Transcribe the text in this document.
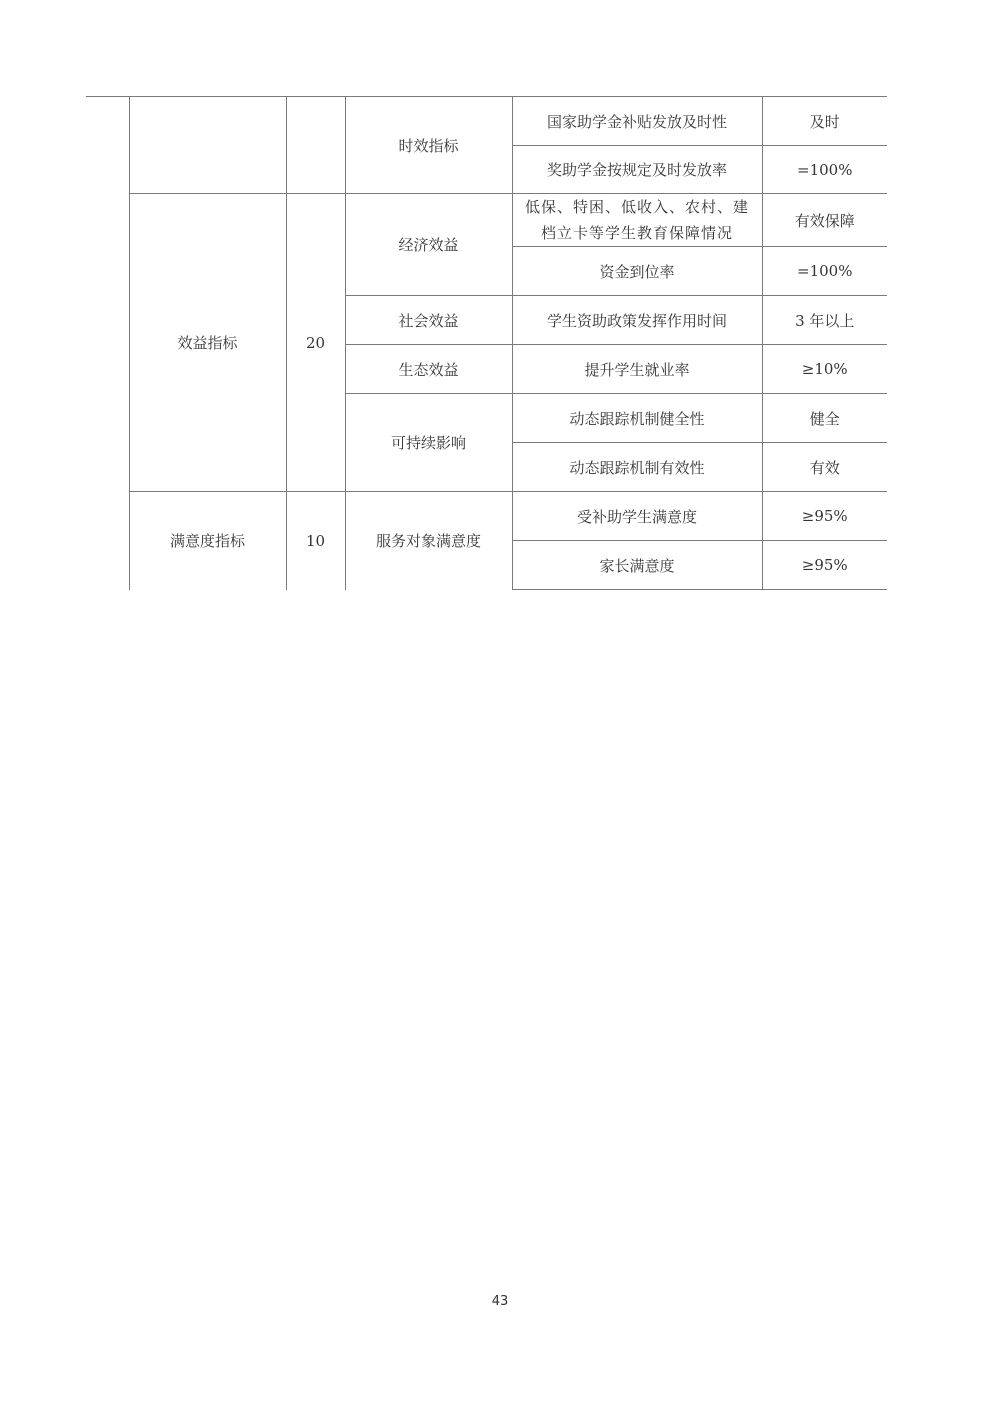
			时效指标	国家助学金补贴发放及时性	及时
				奖助学金按规定及时发放率	=100%
	效益指标	20	经济效益	低保、特困、低收入、农村、建档立卡等学生教育保障情况	有效保障
				资金到位率	=100%
			社会效益	学生资助政策发挥作用时间	3 年以上
			生态效益	提升学生就业率	≥10%
			可持续影响	动态跟踪机制健全性	健全
				动态跟踪机制有效性	有效
	满意度指标	10	服务对象满意度	受补助学生满意度	≥95%
				家长满意度	≥95%
43
